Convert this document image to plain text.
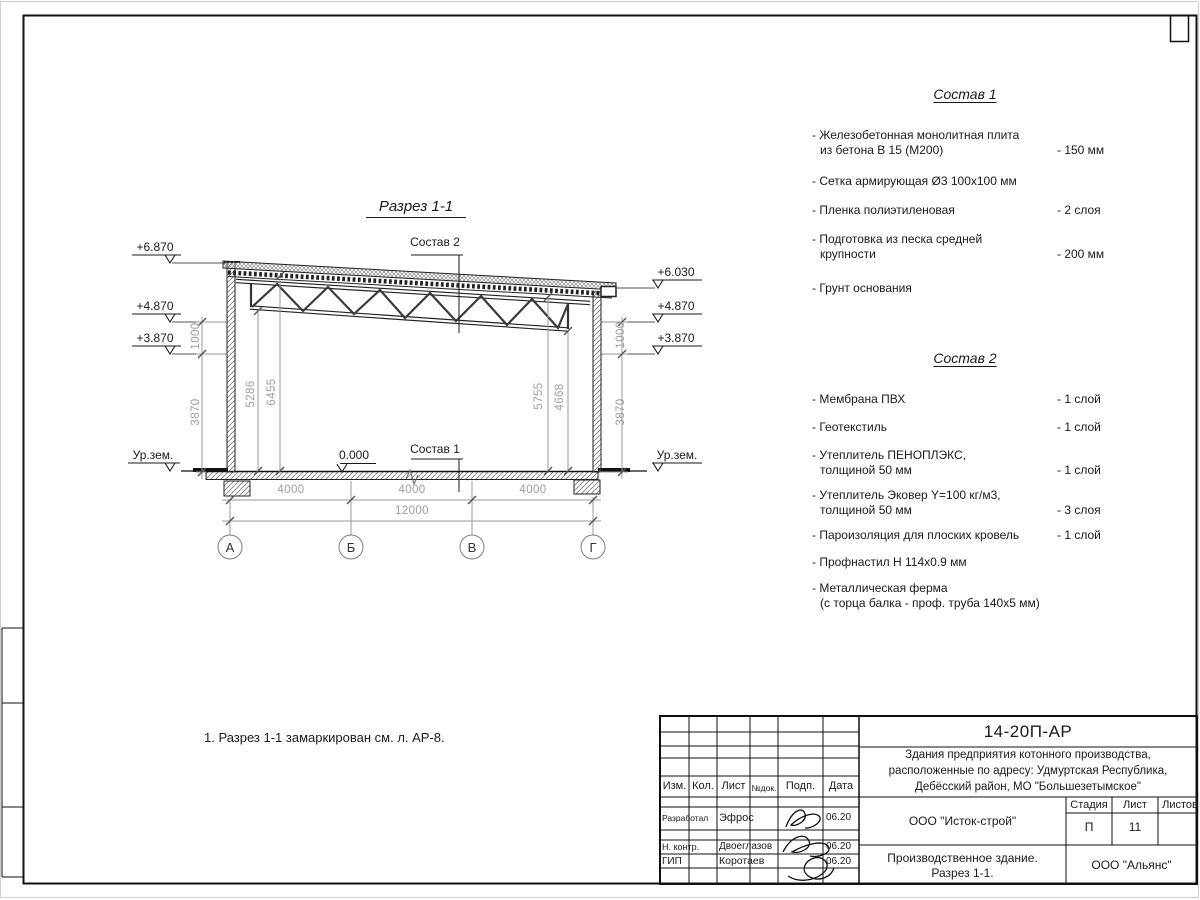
Разрез 1-1
Состав 2
Состав 1
+6.870
+4.870
+3.870
Ур.зем.
+6.030
+4.870
+3.870
Ур.зем.
0.000
1000
3870
5286 6455	5755 4668
1000
3870
4000	4000	4000
12000
А	Б	В	Г
Состав 1
- Железобетонная монолитная плита
из бетона В 15 (М200)	- 150 мм
- Сетка армирующая Ø3 100х100 мм
- Пленка полиэтиленовая	- 2 слоя
- Подготовка из песка средней
крупности	- 200 мм
- Грунт основания
Состав 2
- Мембрана ПВХ	- 1 слой
- Геотекстиль	- 1 слой
- Утеплитель ПЕНОПЛЭКС,
толщиной 50 мм	- 1 слой
- Утеплитель Эковер Y=100 кг/м3,
толщиной 50 мм	- 3 слоя
- Пароизоляция для плоских кровель	- 1 слой
- Профнастил Н 114х0.9 мм
- Металлическая ферма
(с торца балка - проф. труба 140х5 мм)
1. Разрез 1-1 замаркирован см. л. АР-8.	14-20П-АР
Здания предприятия котонного производства,
расположенные по адресу: Удмуртская Республика,
Дебёсский район, МО "Большезетымское"
ООО "Исток-строй"
Производственное здание.
Разрез 1-1.
ООО "Альянс"
Стадия	Лист	Листов
П	11
Изм. Кол. Лист №док. Подп.	Дата
Разработал Эфрос	06.20
Н. контр. Двоеглазов	06.20
ГИП	Коротаев	06.20
